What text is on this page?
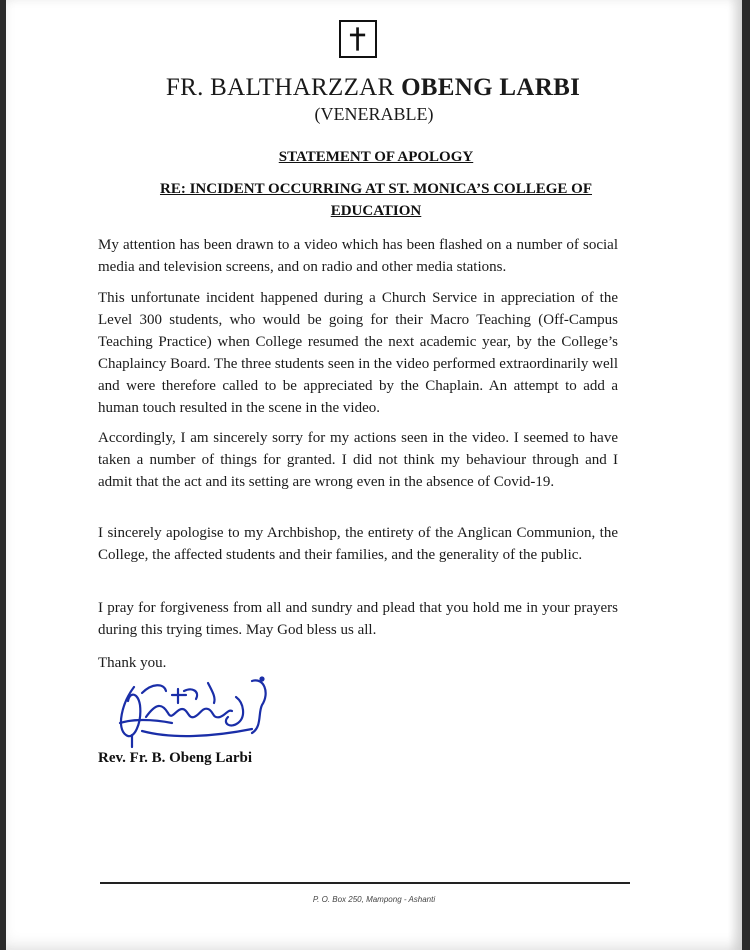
FR. BALTHARZZAR OBENG LARBI
(VENERABLE)
STATEMENT OF APOLOGY
RE: INCIDENT OCCURRING AT ST. MONICA’S COLLEGE OF
EDUCATION
My attention has been drawn to a video which has been flashed on a number of social media and television screens, and on radio and other media stations.
This unfortunate incident happened during a Church Service in appreciation of the Level 300 students, who would be going for their Macro Teaching (Off-Campus Teaching Practice) when College resumed the next academic year, by the College’s Chaplaincy Board. The three students seen in the video performed extraordinarily well and were therefore called to be appreciated by the Chaplain. An attempt to add a human touch resulted in the scene in the video.
Accordingly, I am sincerely sorry for my actions seen in the video. I seemed to have taken a number of things for granted. I did not think my behaviour through and I admit that the act and its setting are wrong even in the absence of Covid-19.
I sincerely apologise to my Archbishop, the entirety of the Anglican Communion, the College, the affected students and their families, and the generality of the public.
I pray for forgiveness from all and sundry and plead that you hold me in your prayers during this trying times. May God bless us all.
Thank you.
Rev. Fr. B. Obeng Larbi
P. O. Box 250, Mampong - Ashanti
